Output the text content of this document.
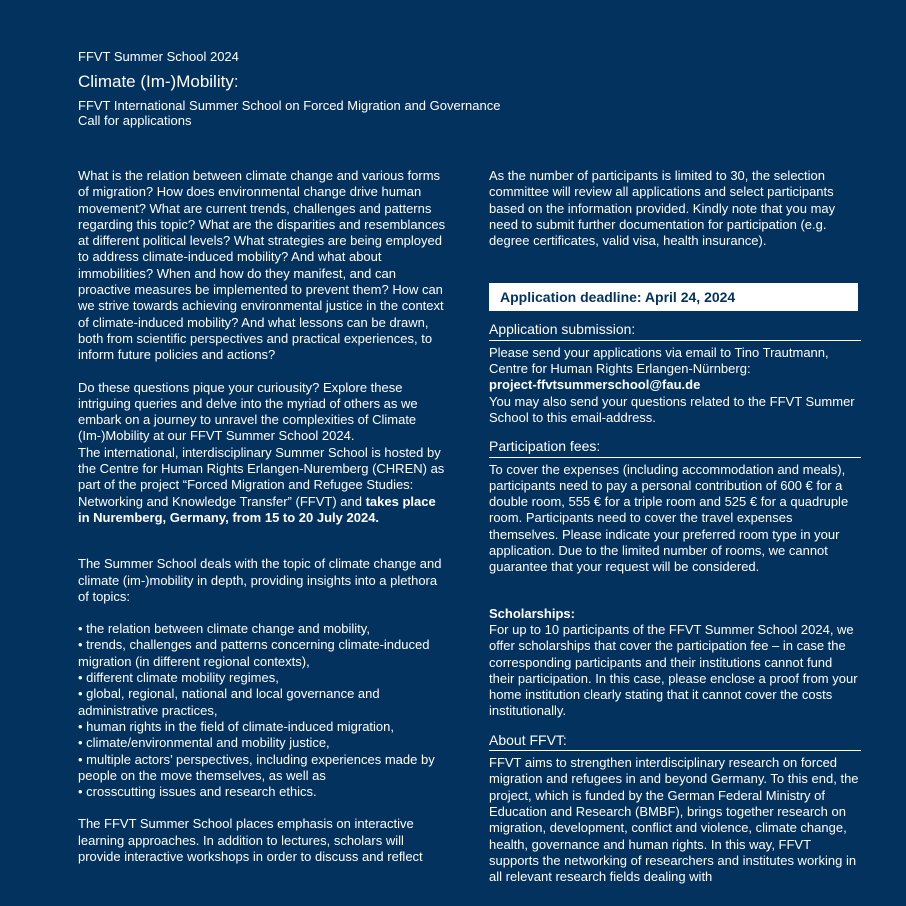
FFVT Summer School 2024
Climate (Im-)Mobility:
FFVT International Summer School on Forced Migration and Governance
Call for applications

What is the relation between climate change and various forms of migration? How does environmental change drive human movement? What are current trends, challenges and patterns regarding this topic? What are the disparities and resemblances at different political levels? What strategies are being employed to address climate-induced mobility? And what about immobilities? When and how do they manifest, and can proactive measures be implemented to prevent them? How can we strive towards achieving environmental justice in the context of climate-induced mobility? And what lessons can be drawn, both from scientific perspectives and practical experiences, to inform future policies and actions?

Do these questions pique your curiousity? Explore these intriguing queries and delve into the myriad of others as we embark on a journey to unravel the complexities of Climate (Im-)Mobility at our FFVT Summer School 2024.

The international, interdisciplinary Summer School is hosted by the Centre for Human Rights Erlangen-Nuremberg (CHREN) as part of the project “Forced Migration and Refugee Studies: Networking and Knowledge Transfer” (FFVT) and takes place in Nuremberg, Germany, from 15 to 20 July 2024.

The Summer School deals with the topic of climate change and climate (im-)mobility in depth, providing insights into a plethora of topics:

• the relation between climate change and mobility,
• trends, challenges and patterns concerning climate-induced migration (in different regional contexts),
• different climate mobility regimes,
• global, regional, national and local governance and administrative practices,
• human rights in the field of climate-induced migration,
• climate/environmental and mobility justice,
• multiple actors’ perspectives, including experiences made by people on the move themselves, as well as
• crosscutting issues and research ethics.

The FFVT Summer School places emphasis on interactive learning approaches. In addition to lectures, scholars will provide interactive workshops in order to discuss and reflect

As the number of participants is limited to 30, the selection committee will review all applications and select participants based on the information provided. Kindly note that you may need to submit further documentation for participation (e.g. degree certificates, valid visa, health insurance).

Application deadline: April 24, 2024
Application submission:

Please send your applications via email to Tino Trautmann, Centre for Human Rights Erlangen-Nürnberg:

project-ffvtsummerschool@fau.de

You may also send your questions related to the FFVT Summer School to this email-address.

Participation fees:

To cover the expenses (including accommodation and meals), participants need to pay a personal contribution of 600 € for a double room, 555 € for a triple room and 525 € for a quadruple room. Participants need to cover the travel expenses themselves. Please indicate your preferred room type in your application. Due to the limited number of rooms, we cannot guarantee that your request will be considered.

Scholarships:

For up to 10 participants of the FFVT Summer School 2024, we offer scholarships that cover the participation fee – in case the corresponding participants and their institutions cannot fund their participation. In this case, please enclose a proof from your home institution clearly stating that it cannot cover the costs institutionally.

About FFVT:

FFVT aims to strengthen interdisciplinary research on forced migration and refugees in and beyond Germany. To this end, the project, which is funded by the German Federal Ministry of Education and Research (BMBF), brings together research on migration, development, conflict and violence, climate change, health, governance and human rights. In this way, FFVT supports the networking of researchers and institutes working in all relevant research fields dealing with
